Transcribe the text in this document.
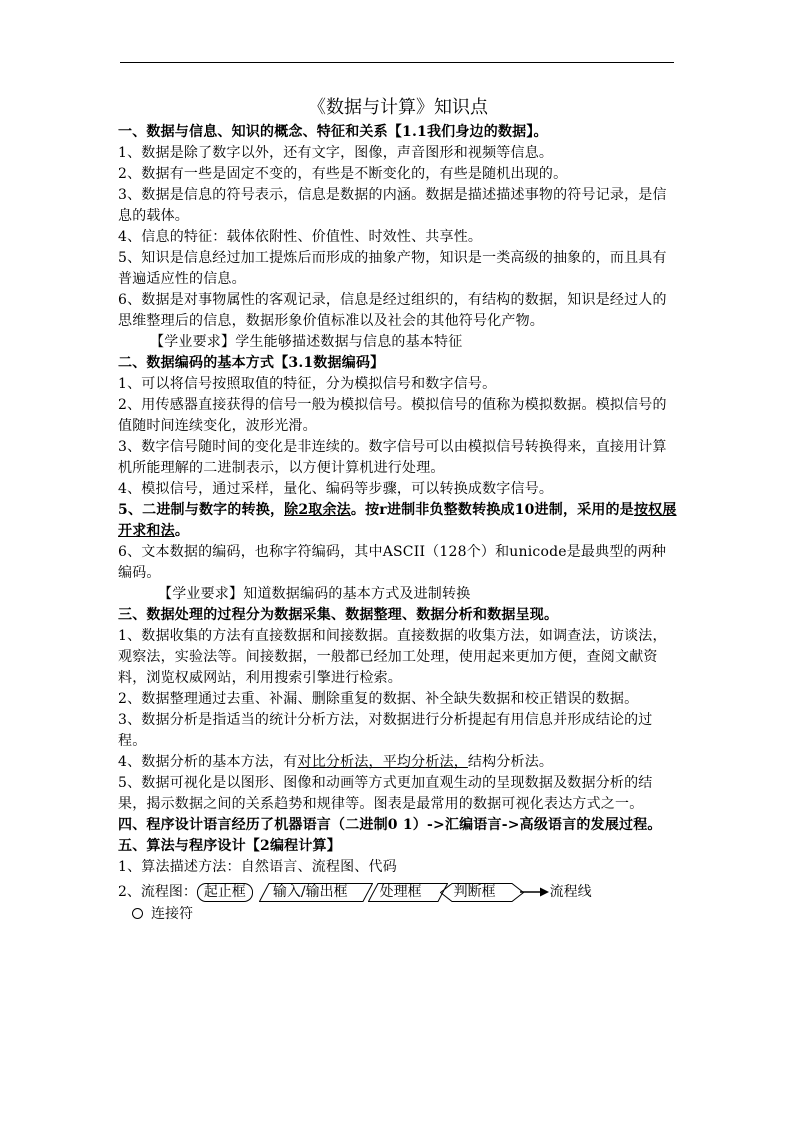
《数据与计算》知识点

一、数据与信息、知识的概念、特征和关系【1.1我们身边的数据】。

1、数据是除了数字以外，还有文字，图像，声音图形和视频等信息。

2、数据有一些是固定不变的，有些是不断变化的，有些是随机出现的。

3、数据是信息的符号表示，信息是数据的内涵。数据是描述描述事物的符号记录，是信息的载体。

4、信息的特征：载体依附性、价值性、时效性、共享性。

5、知识是信息经过加工提炼后而形成的抽象产物，知识是一类高级的抽象的，而且具有普遍适应性的信息。

6、数据是对事物属性的客观记录，信息是经过组织的，有结构的数据，知识是经过人的思维整理后的信息，数据形象价值标准以及社会的其他符号化产物。

【学业要求】学生能够描述数据与信息的基本特征

二、数据编码的基本方式【3.1数据编码】

1、可以将信号按照取值的特征，分为模拟信号和数字信号。

2、用传感器直接获得的信号一般为模拟信号。模拟信号的值称为模拟数据。模拟信号的值随时间连续变化，波形光滑。

3、数字信号随时间的变化是非连续的。数字信号可以由模拟信号转换得来，直接用计算机所能理解的二进制表示，以方便计算机进行处理。

4、模拟信号，通过采样，量化、编码等步骤，可以转换成数字信号。

5、二进制与数字的转换，除2取余法。按r进制非负整数转换成10进制，采用的是按权展开求和法。

6、文本数据的编码，也称字符编码，其中ASCII（128个）和unicode是最典型的两种编码。

【学业要求】知道数据编码的基本方式及进制转换

三、数据处理的过程分为数据采集、数据整理、数据分析和数据呈现。

1、数据收集的方法有直接数据和间接数据。直接数据的收集方法，如调查法，访谈法，观察法，实验法等。间接数据，一般都已经加工处理，使用起来更加方便，查阅文献资料，浏览权威网站，利用搜索引擎进行检索。

2、数据整理通过去重、补漏、删除重复的数据、补全缺失数据和校正错误的数据。

3、数据分析是指适当的统计分析方法，对数据进行分析提起有用信息并形成结论的过程。

4、数据分析的基本方法，有对比分析法，平均分析法，结构分析法。

5、数据可视化是以图形、图像和动画等方式更加直观生动的呈现数据及数据分析的结果，揭示数据之间的关系趋势和规律等。图表是最常用的数据可视化表达方式之一。

四、程序设计语言经历了机器语言（二进制0 1）->汇编语言->高级语言的发展过程。

五、算法与程序设计【2编程计算】

1、算法描述方法：自然语言、流程图、代码

2、流程图： 起止框 输入/输出框 处理框 判断框	流程线
连接符
